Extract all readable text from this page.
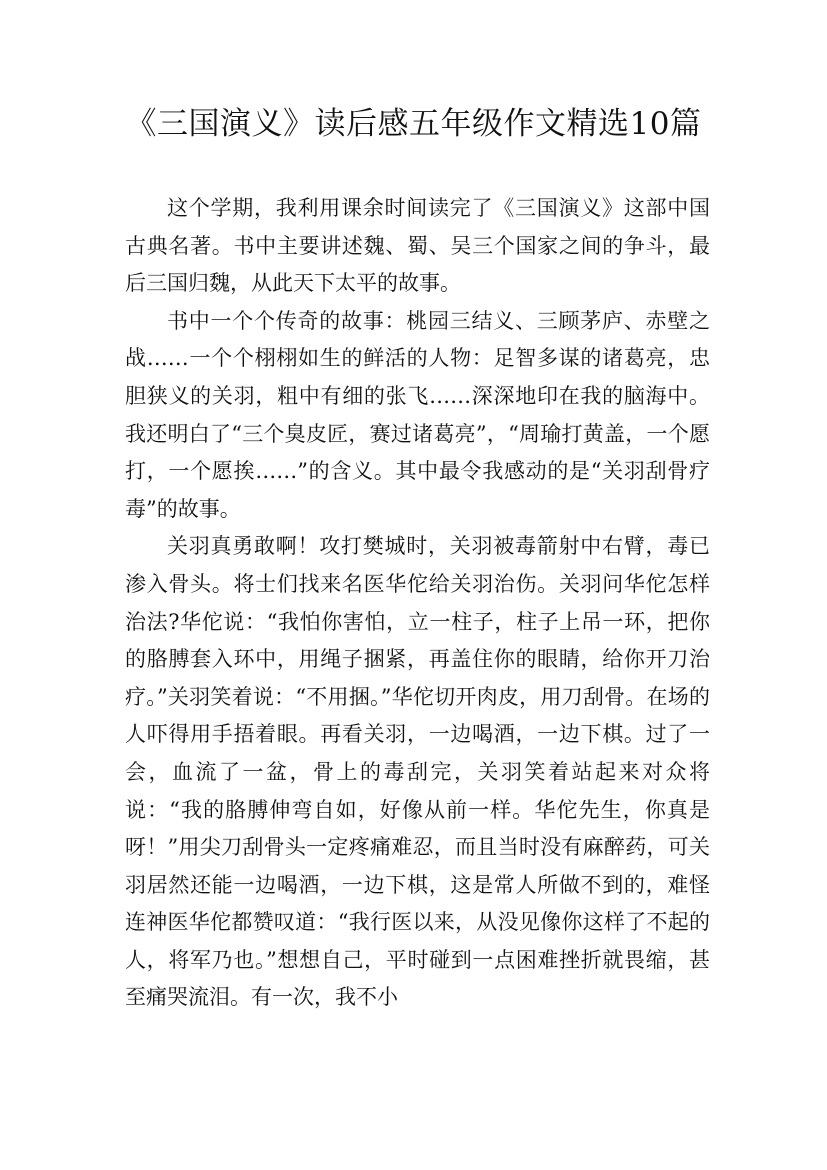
《三国演义》读后感五年级作文精选10篇

这个学期，我利用课余时间读完了《三国演义》这部中国古典名著。书中主要讲述魏、蜀、吴三个国家之间的争斗，最后三国归魏，从此天下太平的故事。

书中一个个传奇的故事：桃园三结义、三顾茅庐、赤壁之战……一个个栩栩如生的鲜活的人物：足智多谋的诸葛亮，忠胆狭义的关羽，粗中有细的张飞……深深地印在我的脑海中。我还明白了“三个臭皮匠，赛过诸葛亮”，“周瑜打黄盖，一个愿打，一个愿挨……”的含义。其中最令我感动的是“关羽刮骨疗毒”的故事。

关羽真勇敢啊！攻打樊城时，关羽被毒箭射中右臂，毒已渗入骨头。将士们找来名医华佗给关羽治伤。关羽问华佗怎样治法?华佗说：“我怕你害怕，立一柱子，柱子上吊一环，把你的胳膊套入环中，用绳子捆紧，再盖住你的眼睛，给你开刀治疗。”关羽笑着说：“不用捆。”华佗切开肉皮，用刀刮骨。在场的人吓得用手捂着眼。再看关羽，一边喝酒，一边下棋。过了一会，血流了一盆，骨上的毒刮完，关羽笑着站起来对众将说：“我的胳膊伸弯自如，好像从前一样。华佗先生，你真是呀！”用尖刀刮骨头一定疼痛难忍，而且当时没有麻醉药，可关羽居然还能一边喝酒，一边下棋，这是常人所做不到的，难怪连神医华佗都赞叹道：“我行医以来，从没见像你这样了不起的人，将军乃也。”想想自己，平时碰到一点困难挫折就畏缩，甚至痛哭流泪。有一次，我不小
